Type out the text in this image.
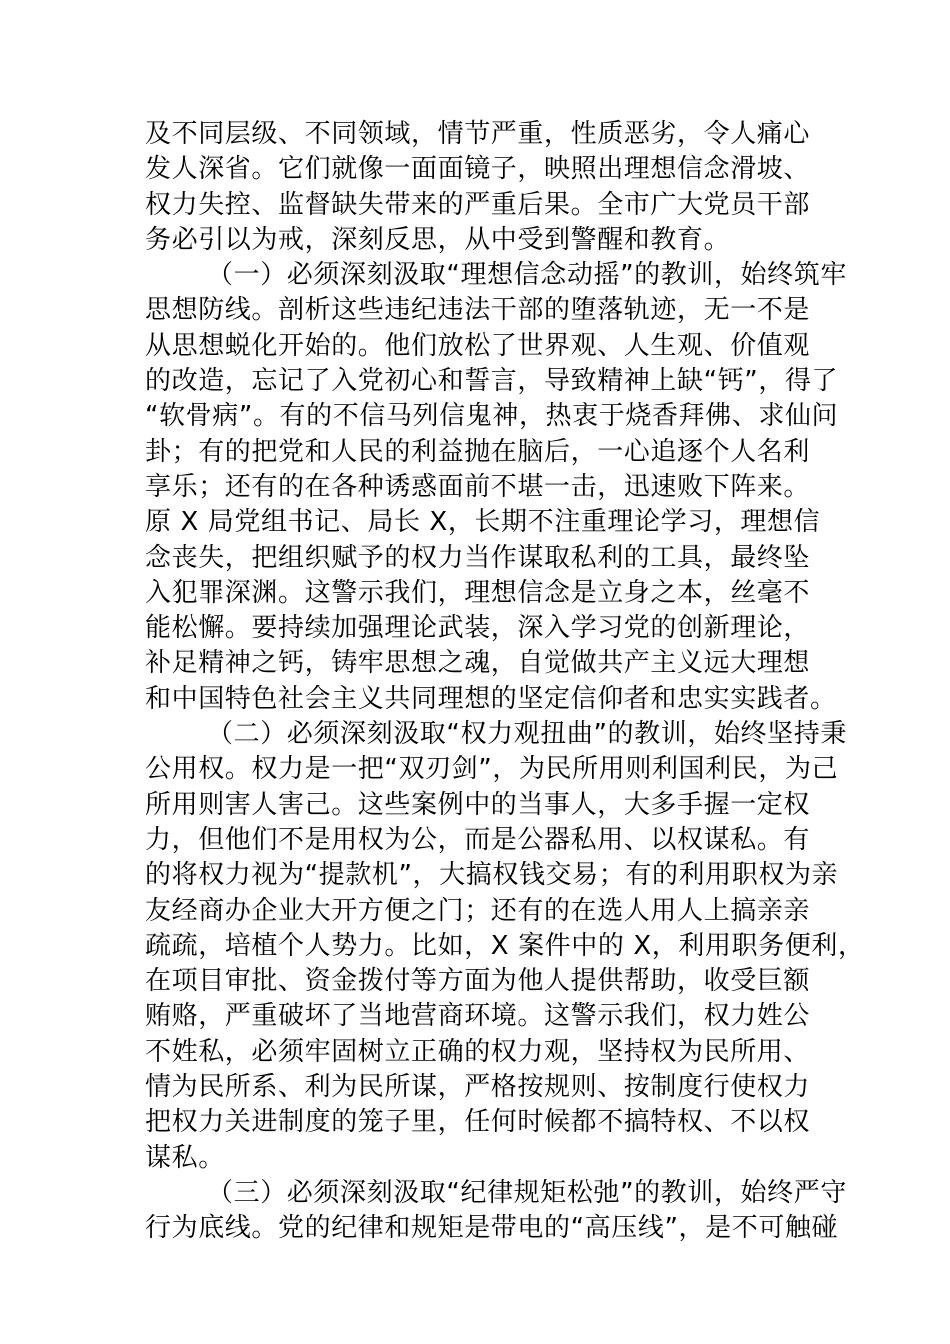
及不同层级、不同领域，情节严重，性质恶劣，令人痛心
发人深省。它们就像一面面镜子，映照出理想信念滑坡、
权力失控、监督缺失带来的严重后果。全市广大党员干部
务必引以为戒，深刻反思，从中受到警醒和教育。
（一）必须深刻汲取“理想信念动摇”的教训，始终筑牢
思想防线。剖析这些违纪违法干部的堕落轨迹，无一不是
从思想蜕化开始的。他们放松了世界观、人生观、价值观
的改造，忘记了入党初心和誓言，导致精神上缺“钙”，得了
“软骨病”。有的不信马列信鬼神，热衷于烧香拜佛、求仙问
卦；有的把党和人民的利益抛在脑后，一心追逐个人名利
享乐；还有的在各种诱惑面前不堪一击，迅速败下阵来。
原 X 局党组书记、局长 X，长期不注重理论学习，理想信
念丧失，把组织赋予的权力当作谋取私利的工具，最终坠
入犯罪深渊。这警示我们，理想信念是立身之本，丝毫不
能松懈。要持续加强理论武装，深入学习党的创新理论，
补足精神之钙，铸牢思想之魂，自觉做共产主义远大理想
和中国特色社会主义共同理想的坚定信仰者和忠实实践者。
（二）必须深刻汲取“权力观扭曲”的教训，始终坚持秉
公用权。权力是一把“双刃剑”，为民所用则利国利民，为己
所用则害人害己。这些案例中的当事人，大多手握一定权
力，但他们不是用权为公，而是公器私用、以权谋私。有
的将权力视为“提款机”，大搞权钱交易；有的利用职权为亲
友经商办企业大开方便之门；还有的在选人用人上搞亲亲
疏疏，培植个人势力。比如，X 案件中的 X，利用职务便利，
在项目审批、资金拨付等方面为他人提供帮助，收受巨额
贿赂，严重破坏了当地营商环境。这警示我们，权力姓公
不姓私，必须牢固树立正确的权力观，坚持权为民所用、
情为民所系、利为民所谋，严格按规则、按制度行使权力
把权力关进制度的笼子里，任何时候都不搞特权、不以权
谋私。
（三）必须深刻汲取“纪律规矩松弛”的教训，始终严守
行为底线。党的纪律和规矩是带电的“高压线”，是不可触碰
